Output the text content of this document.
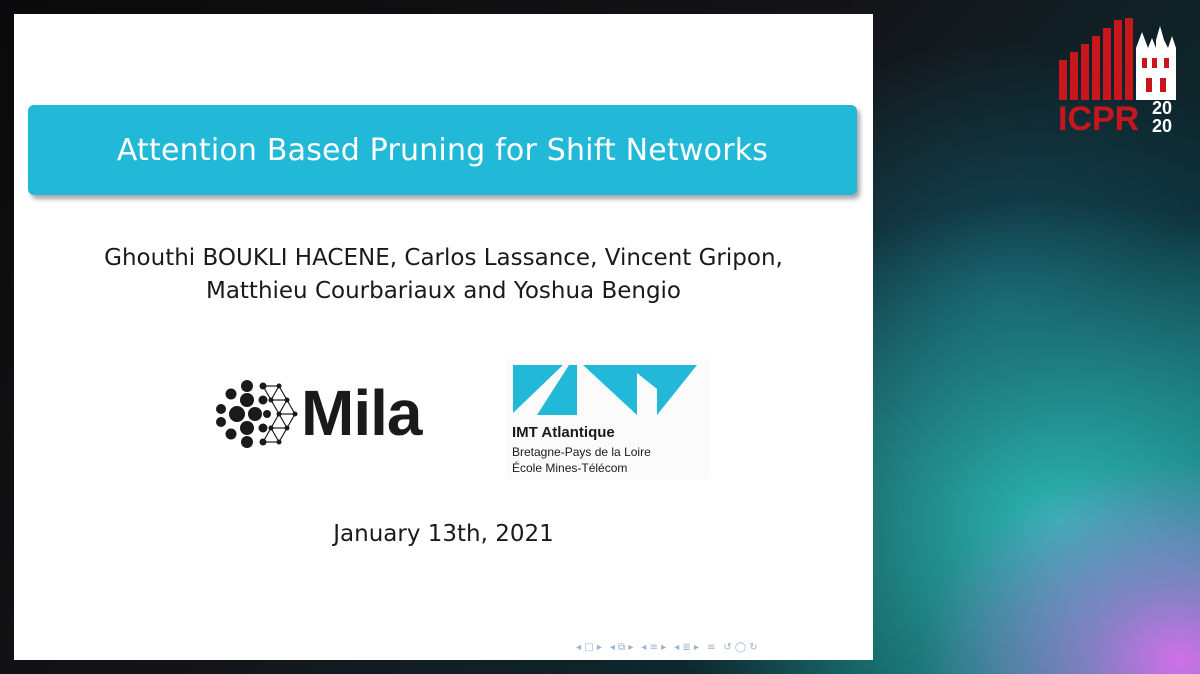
Attention Based Pruning for Shift Networks
Ghouthi BOUKLI HACENE, Carlos Lassance, Vincent Gripon,
Matthieu Courbariaux and Yoshua Bengio
Mila	IMT Atlantique
Bretagne-Pays de la Loire
École Mines-Télécom
January 13th, 2021
◂ □ ▸ ◂ ⧉ ▸ ◂ ≡ ▸ ◂ ≣ ▸ ≡ ↺ ◯ ↻
ICPR 20
20
